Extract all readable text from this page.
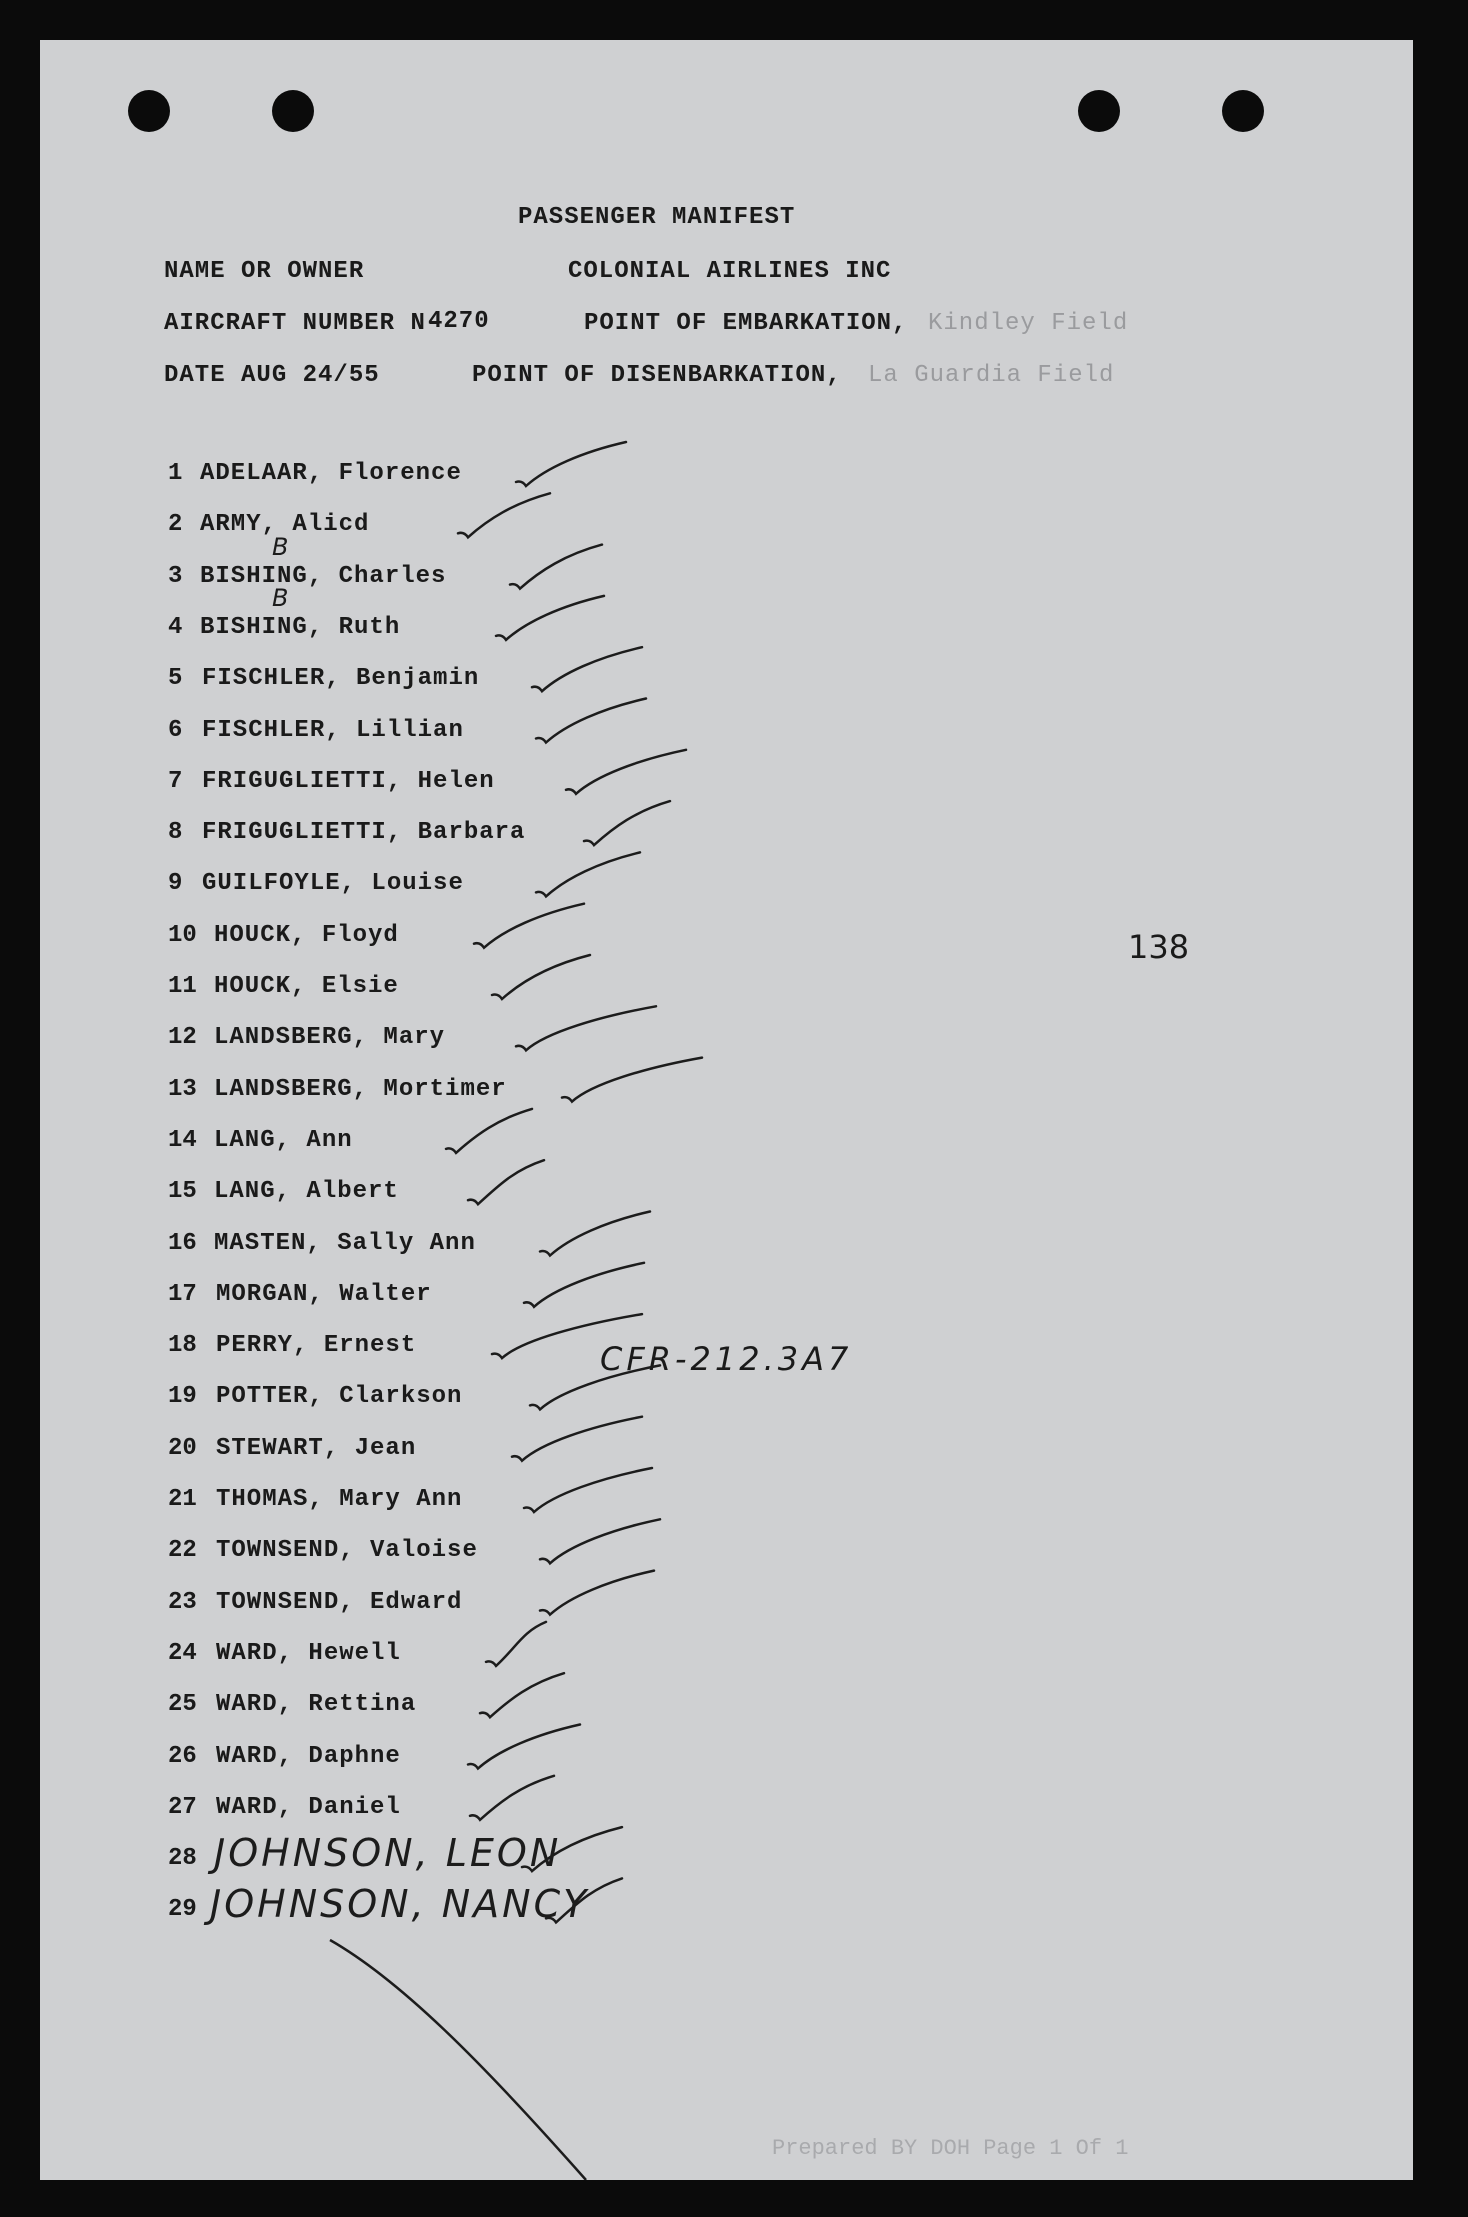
PASSENGER MANIFEST
NAME OR OWNER	COLONIAL AIRLINES INC
AIRCRAFT NUMBER N-
4270	POINT OF EMBARKATION, Kindley Field
DATE AUG 24/55	POINT OF DISENBARKATION, La Guardia Field
1 ADELAAR, Florence
2 ARMY, Alicd
3 BISHING, Charles
B
4 BISHING, Ruth
B
5 FISCHLER, Benjamin
6 FISCHLER, Lillian
7 FRIGUGLIETTI, Helen
8 FRIGUGLIETTI, Barbara
9 GUILFOYLE, Louise
10 HOUCK, Floyd
11 HOUCK, Elsie
12 LANDSBERG, Mary
13 LANDSBERG, Mortimer
14 LANG, Ann
15 LANG, Albert
16 MASTEN, Sally Ann
17 MORGAN, Walter
18 PERRY, Ernest
19 POTTER, Clarkson
20 STEWART, Jean
21 THOMAS, Mary Ann
22 TOWNSEND, Valoise
23 TOWNSEND, Edward
24 WARD, Hewell
25 WARD, Rettina
26 WARD, Daphne
27 WARD, Daniel
28 JOHNSON, LEON
29 JOHNSON, NANCY
138
CFR-212.3A7
Prepared BY DOH Page 1 Of 1
